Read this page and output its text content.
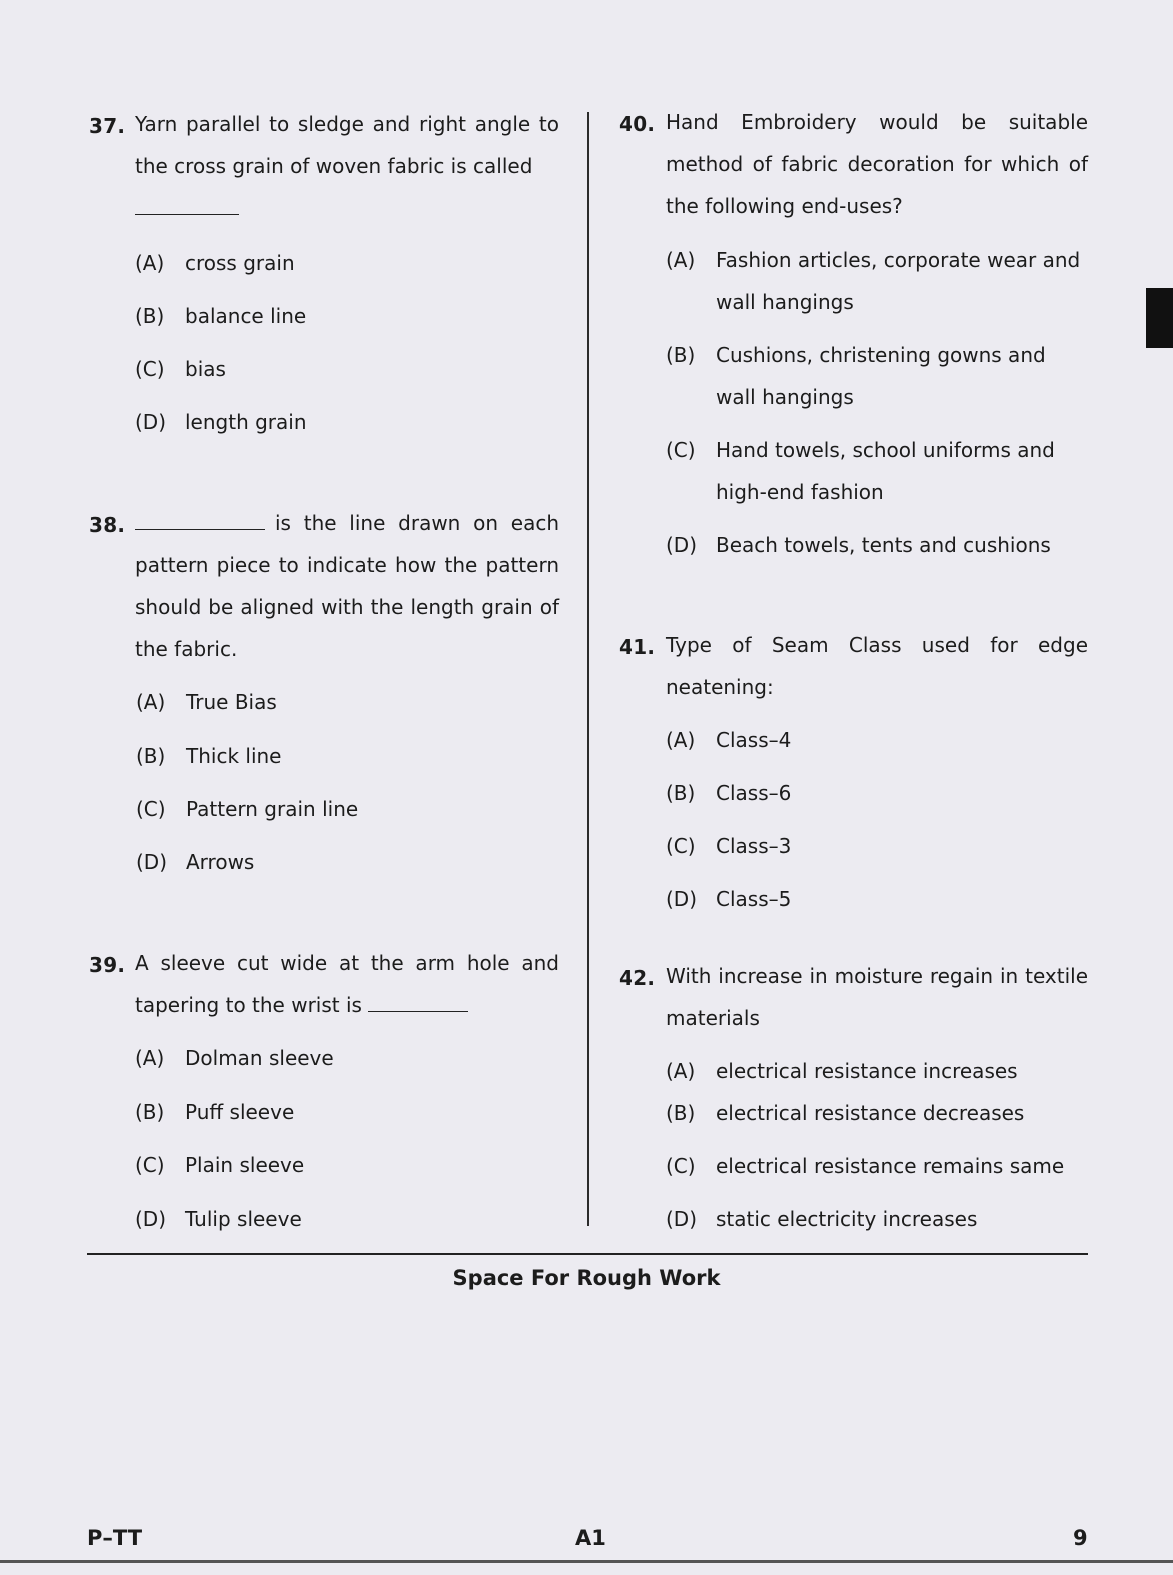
37. Yarn parallel to sledge and right angle to the cross grain of woven fabric is called

(A) cross grain
(B) balance line
(C) bias
(D) length grain
38.	is the line drawn on each pattern piece to indicate how the pattern should be aligned with the length grain of the fabric.
(A) True Bias
(B) Thick line
(C) Pattern grain line
(D) Arrows
39. A sleeve cut wide at the arm hole and tapering to the wrist is
(A) Dolman sleeve
(B) Puff sleeve
(C) Plain sleeve
(D) Tulip sleeve
40. Hand Embroidery would be suitable method of fabric decoration for which of the following end-uses?
(A) Fashion articles, corporate wear and wall hangings
(B) Cushions, christening gowns and wall hangings
(C) Hand towels, school uniforms and high-end fashion
(D) Beach towels, tents and cushions
41. Type of Seam Class used for edge neatening:
(A) Class–4
(B) Class–6
(C) Class–3
(D) Class–5
42. With increase in moisture regain in textile materials
(A) electrical resistance increases
(B) electrical resistance decreases
(C) electrical resistance remains same
(D) static electricity increases
Space For Rough Work
P–TT	A1	9
